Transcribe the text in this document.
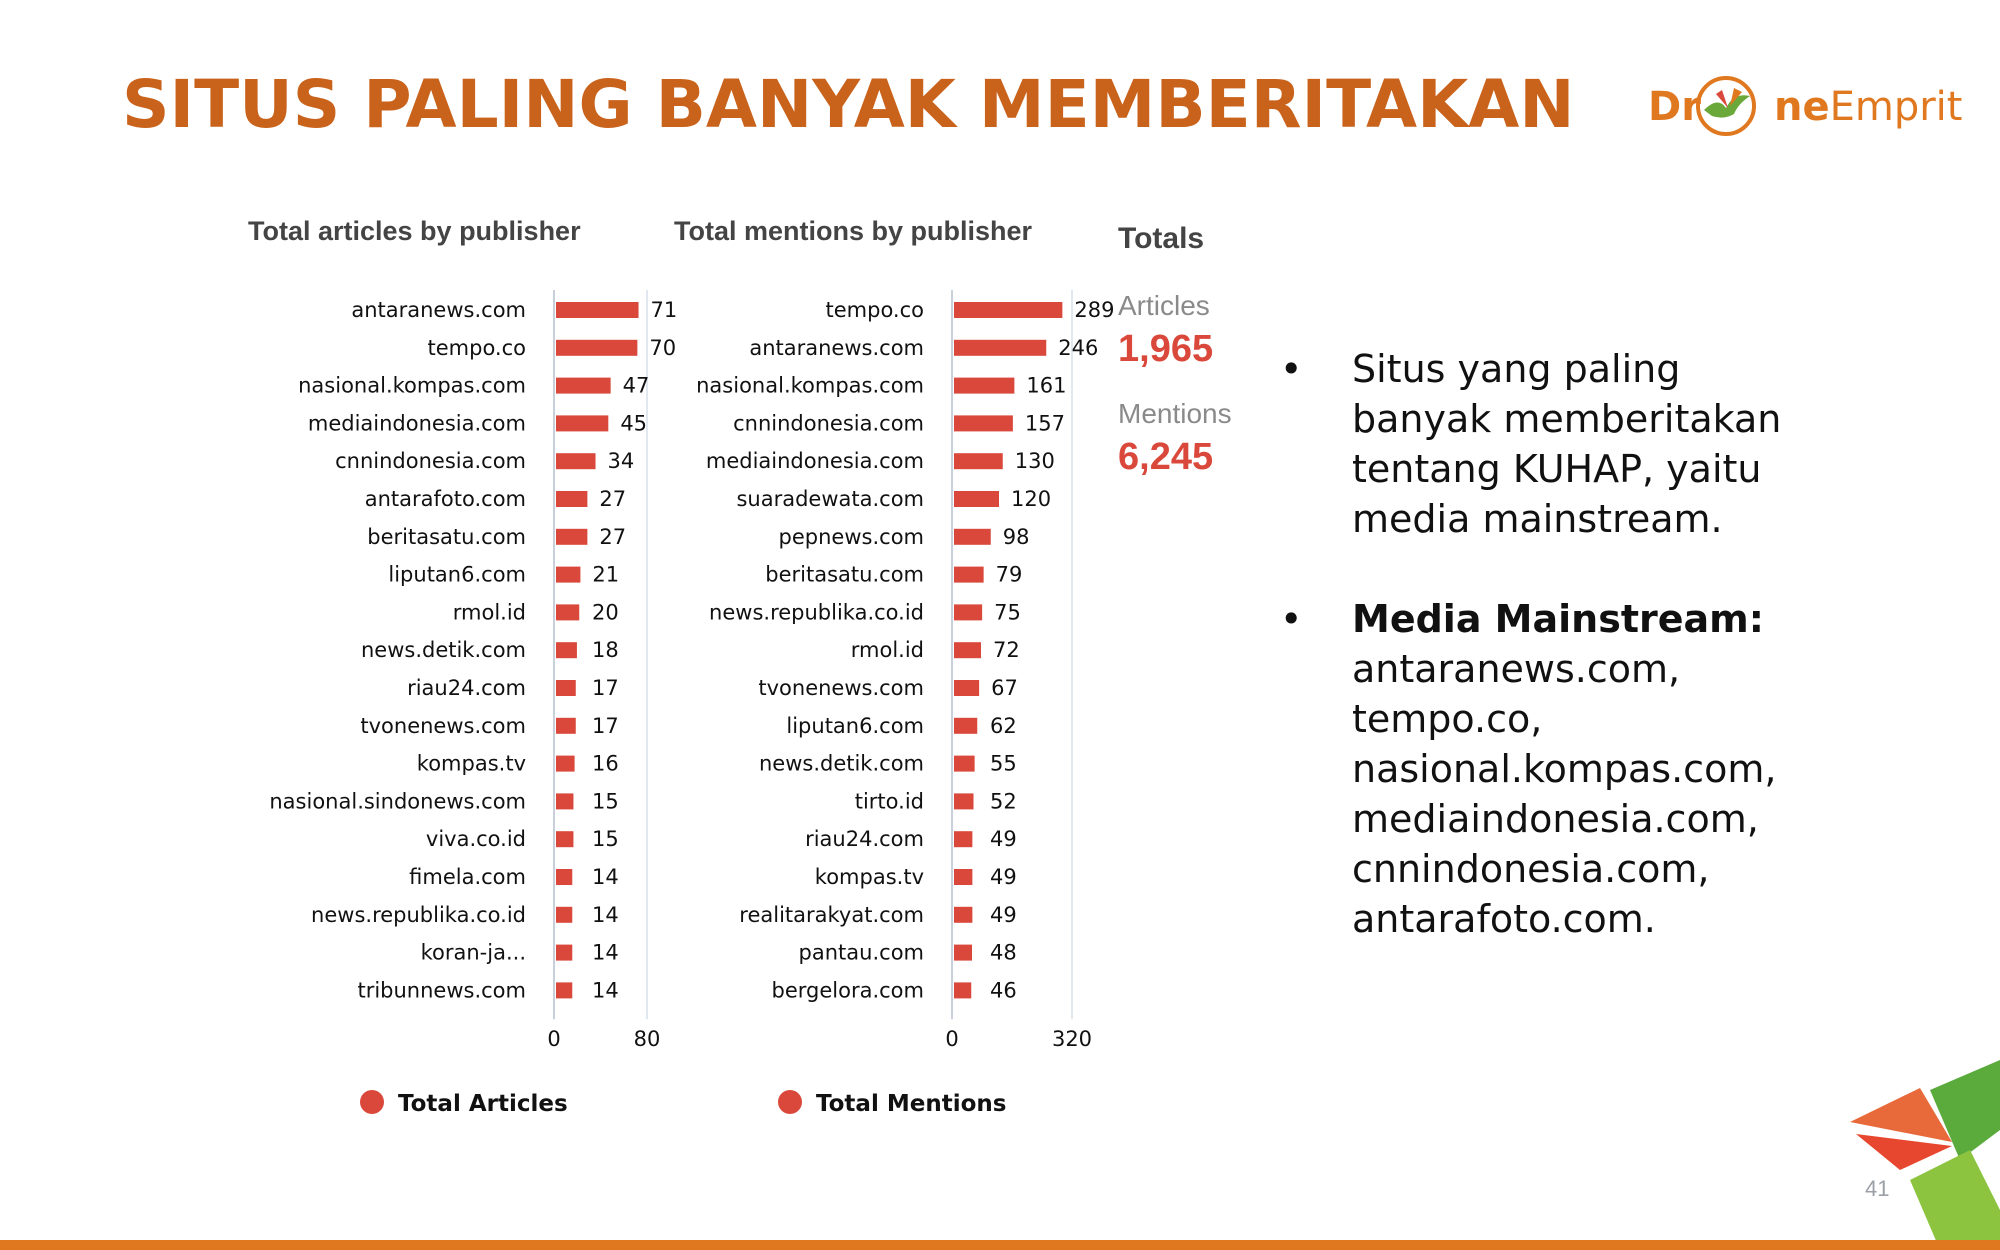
SITUS PALING BANYAK MEMBERITAKAN Dr neEmprit
Total articles by publisher
antaranews.com	71
tempo.co	70
nasional.kompas.com	47
mediaindonesia.com	45
cnnindonesia.com	34
antarafoto.com	27
beritasatu.com	27
liputan6.com	21
rmol.id	20
news.detik.com	18
riau24.com	17
tvonenews.com	17
kompas.tv	16
nasional.sindonews.com	15
viva.co.id	15
fimela.com	14
news.republika.co.id	14
koran-ja...	14
tribunnews.com	14
0	80
Total Articles
Total mentions by publisher
tempo.co	289
antaranews.com	246
nasional.kompas.com	161
cnnindonesia.com	157
mediaindonesia.com	130
suaradewata.com	120
pepnews.com	98
beritasatu.com	79
news.republika.co.id	75
rmol.id	72
tvonenews.com	67
liputan6.com	62
news.detik.com	55
tirto.id	52
riau24.com	49
kompas.tv	49
realitarakyat.com	49
pantau.com	48
bergelora.com	46
0	320
Total Mentions
Totals
Articles
1,965
Mentions
6,245
• Situs yang paling banyak memberitakan tentang KUHAP, yaitu media mainstream.
• Media Mainstream: antaranews.com, tempo.co, nasional.kompas.com, mediaindonesia.com, cnnindonesia.com, antarafoto.com.
41
